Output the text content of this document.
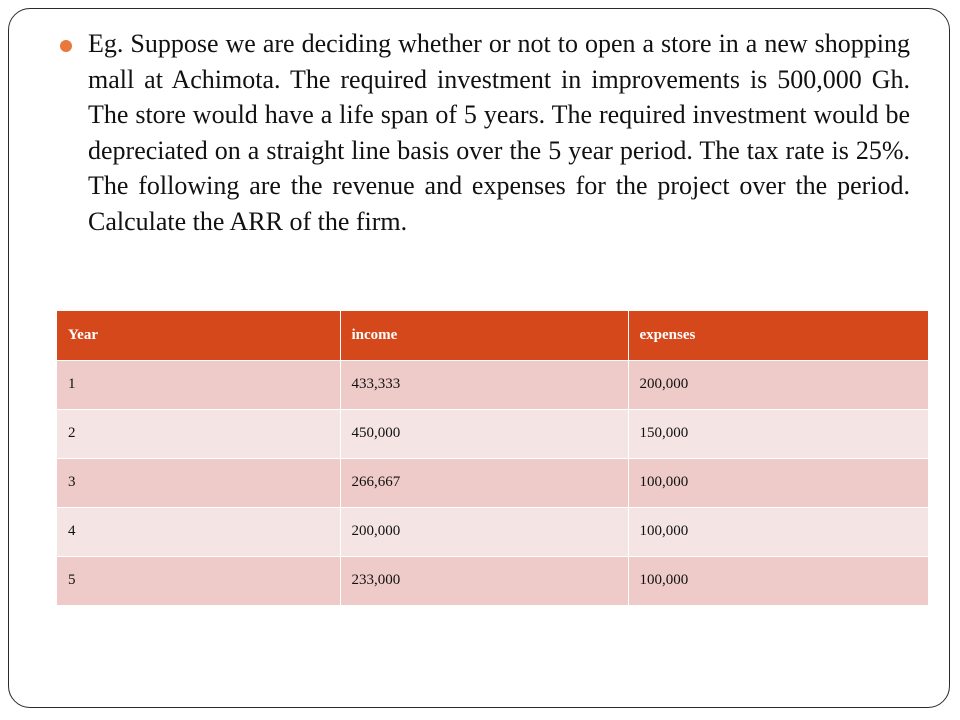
Eg. Suppose we are deciding whether or not to open a store in a new shopping mall at Achimota. The required investment in improvements is 500,000 Gh. The store would have a life span of 5 years. The required investment would be depreciated on a straight line basis over the 5 year period. The tax rate is 25%. The following are the revenue and expenses for the project over the period. Calculate the ARR of the firm.

Year	income	expenses
1	433,333	200,000
2	450,000	150,000
3	266,667	100,000
4	200,000	100,000
5	233,000	100,000
